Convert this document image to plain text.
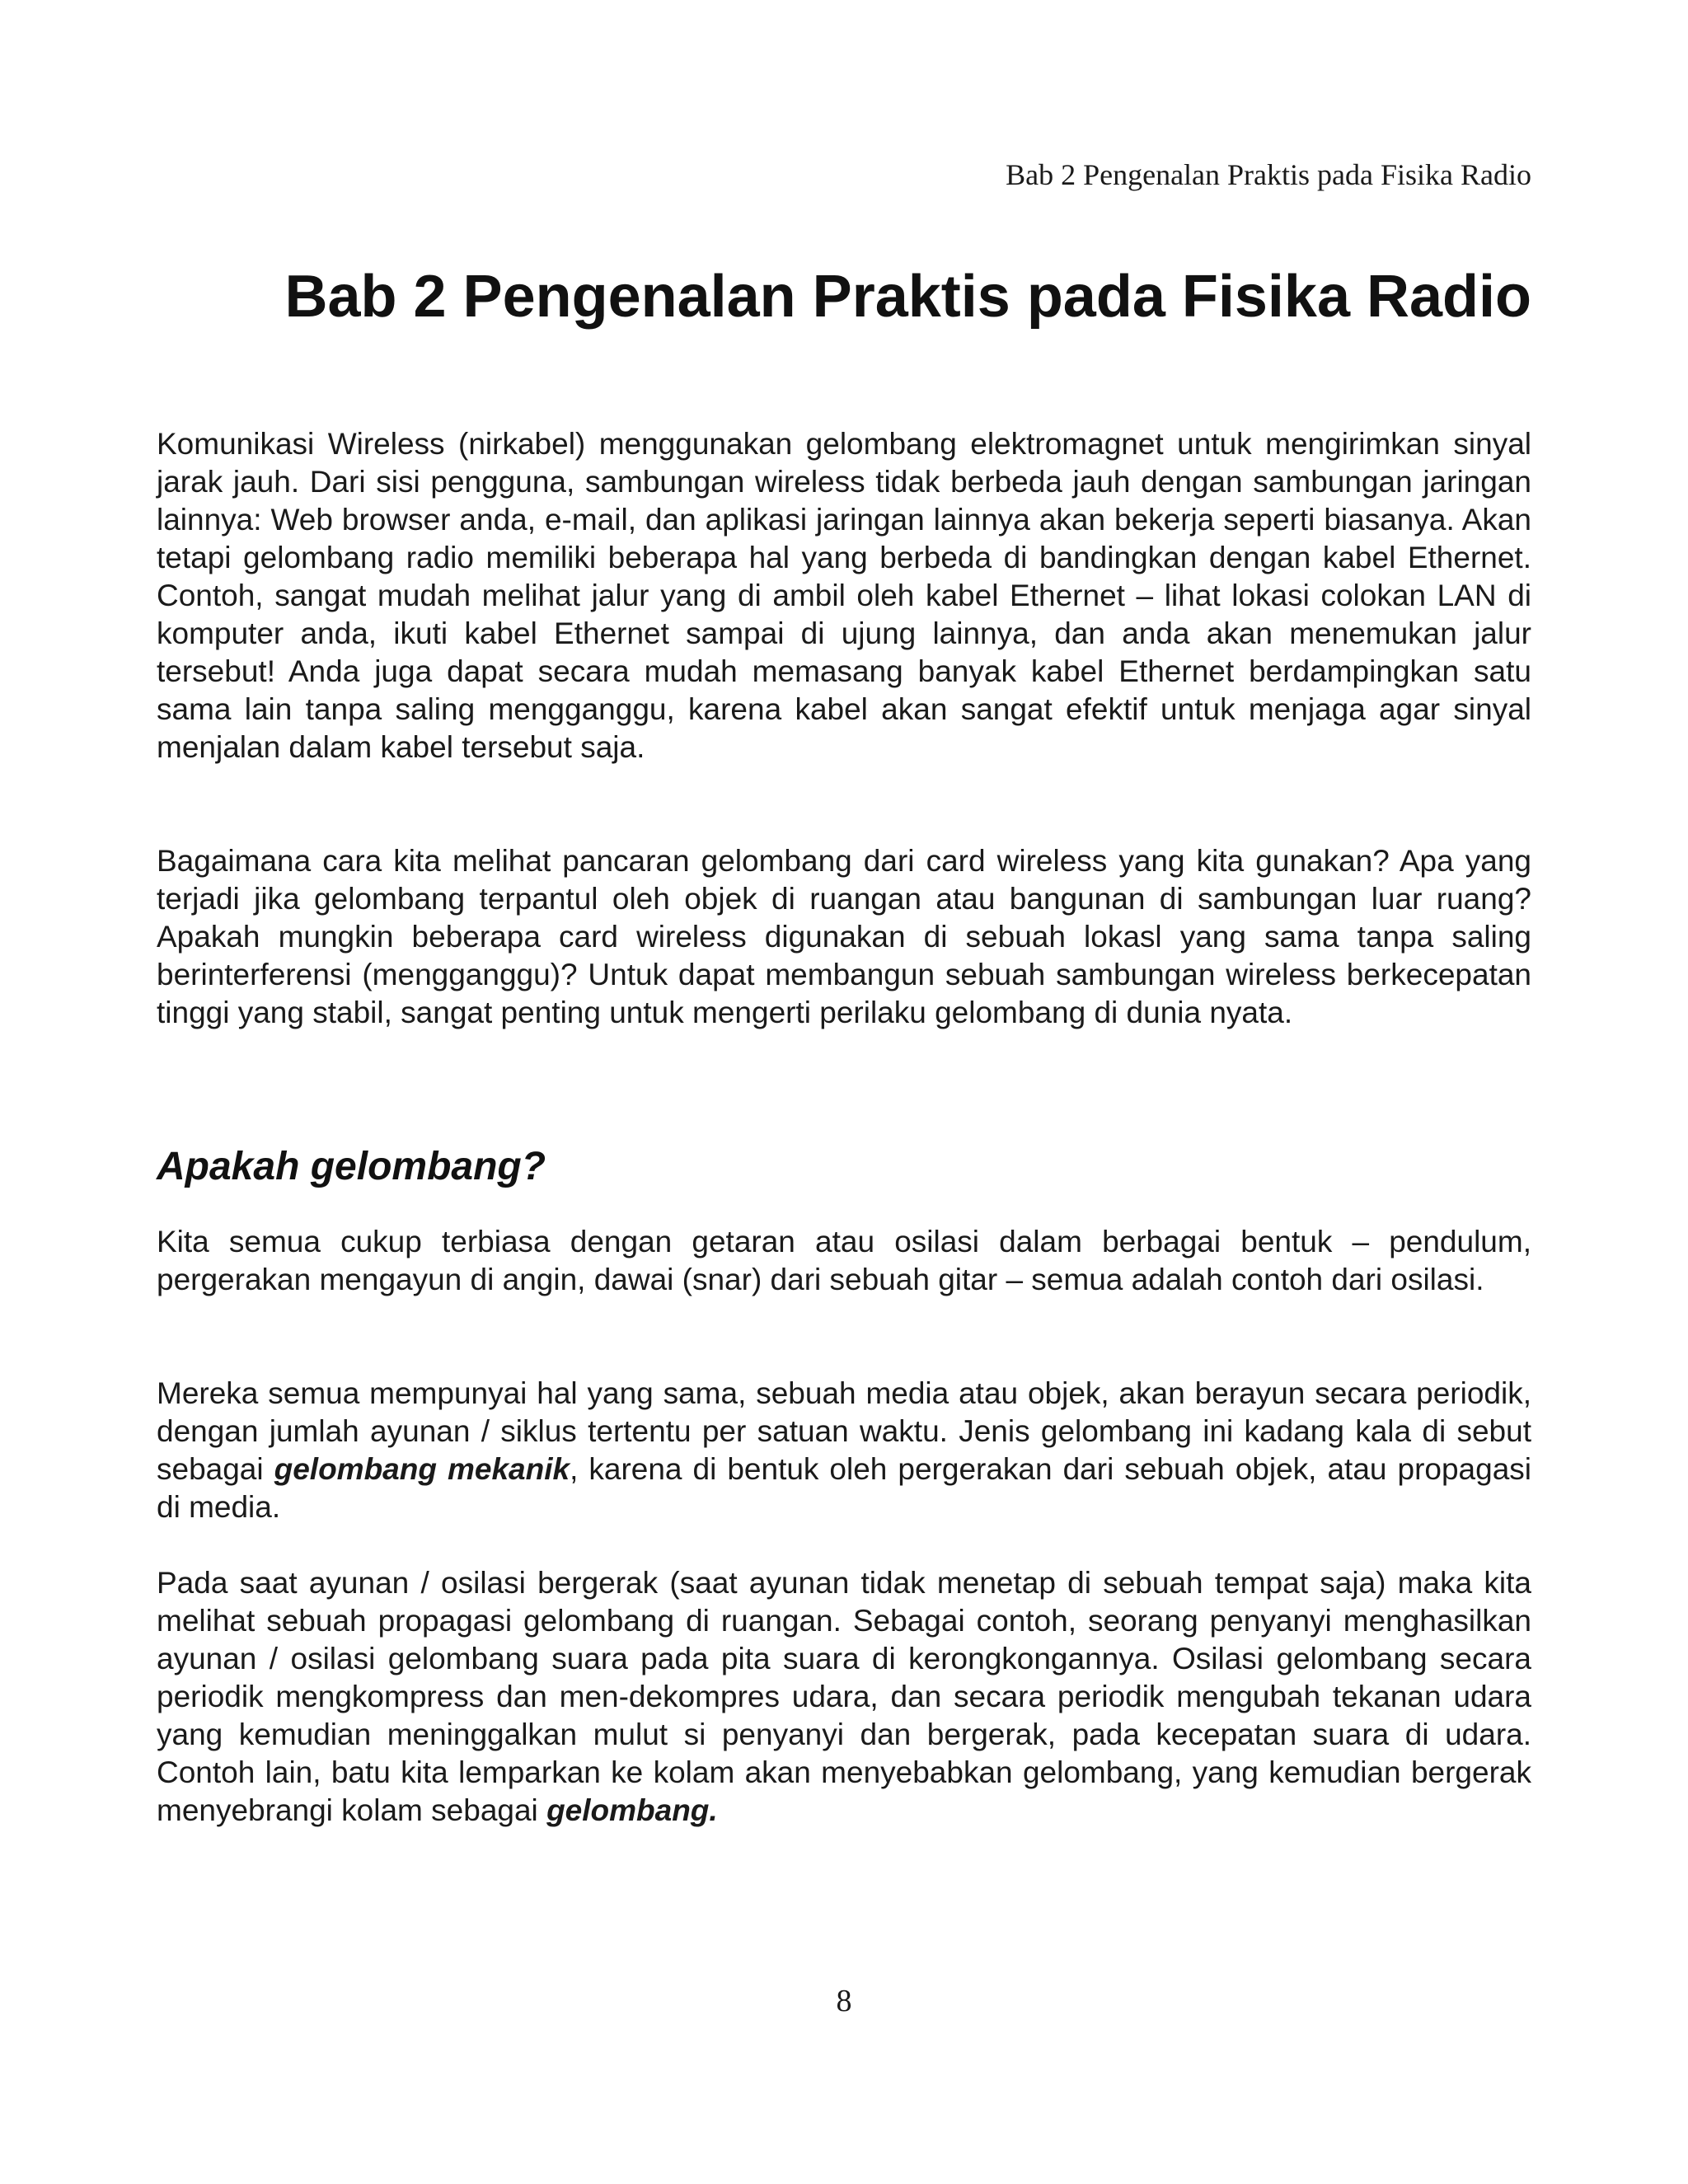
Bab 2 Pengenalan Praktis pada Fisika Radio
Bab 2 Pengenalan Praktis pada Fisika Radio

Komunikasi Wireless (nirkabel) menggunakan gelombang elektromagnet untuk mengirimkan sinyal jarak jauh. Dari sisi pengguna, sambungan wireless tidak berbeda jauh dengan sambungan jaringan lainnya: Web browser anda, e-mail, dan aplikasi jaringan lainnya akan bekerja seperti biasanya. Akan tetapi gelombang radio memiliki beberapa hal yang berbeda di bandingkan dengan kabel Ethernet. Contoh, sangat mudah melihat jalur yang di ambil oleh kabel Ethernet – lihat lokasi colokan LAN di komputer anda, ikuti kabel Ethernet sampai di ujung lainnya, dan anda akan menemukan jalur tersebut! Anda juga dapat secara mudah memasang banyak kabel Ethernet berdampingkan satu sama lain tanpa saling mengganggu, karena kabel akan sangat efektif untuk menjaga agar sinyal menjalan dalam kabel tersebut saja.

Bagaimana cara kita melihat pancaran gelombang dari card wireless yang kita gunakan? Apa yang terjadi jika gelombang terpantul oleh objek di ruangan atau bangunan di sambungan luar ruang? Apakah mungkin beberapa card wireless digunakan di sebuah lokasl yang sama tanpa saling berinterferensi (mengganggu)? Untuk dapat membangun sebuah sambungan wireless berkecepatan tinggi yang stabil, sangat penting untuk mengerti perilaku gelombang di dunia nyata.

Apakah gelombang?

Kita semua cukup terbiasa dengan getaran atau osilasi dalam berbagai bentuk – pendulum, pergerakan mengayun di angin, dawai (snar) dari sebuah gitar – semua adalah contoh dari osilasi.

Mereka semua mempunyai hal yang sama, sebuah media atau objek, akan berayun secara periodik, dengan jumlah ayunan / siklus tertentu per satuan waktu. Jenis gelombang ini kadang kala di sebut sebagai gelombang mekanik, karena di bentuk oleh pergerakan dari sebuah objek, atau propagasi di media.

Pada saat ayunan / osilasi bergerak (saat ayunan tidak menetap di sebuah tempat saja) maka kita melihat sebuah propagasi gelombang di ruangan. Sebagai contoh, seorang penyanyi menghasilkan ayunan / osilasi gelombang suara pada pita suara di kerongkongannya. Osilasi gelombang secara periodik mengkompress dan men-dekompres udara, dan secara periodik mengubah tekanan udara yang kemudian meninggalkan mulut si penyanyi dan bergerak, pada kecepatan suara di udara. Contoh lain, batu kita lemparkan ke kolam akan menyebabkan gelombang, yang kemudian bergerak menyebrangi kolam sebagai gelombang.

8
